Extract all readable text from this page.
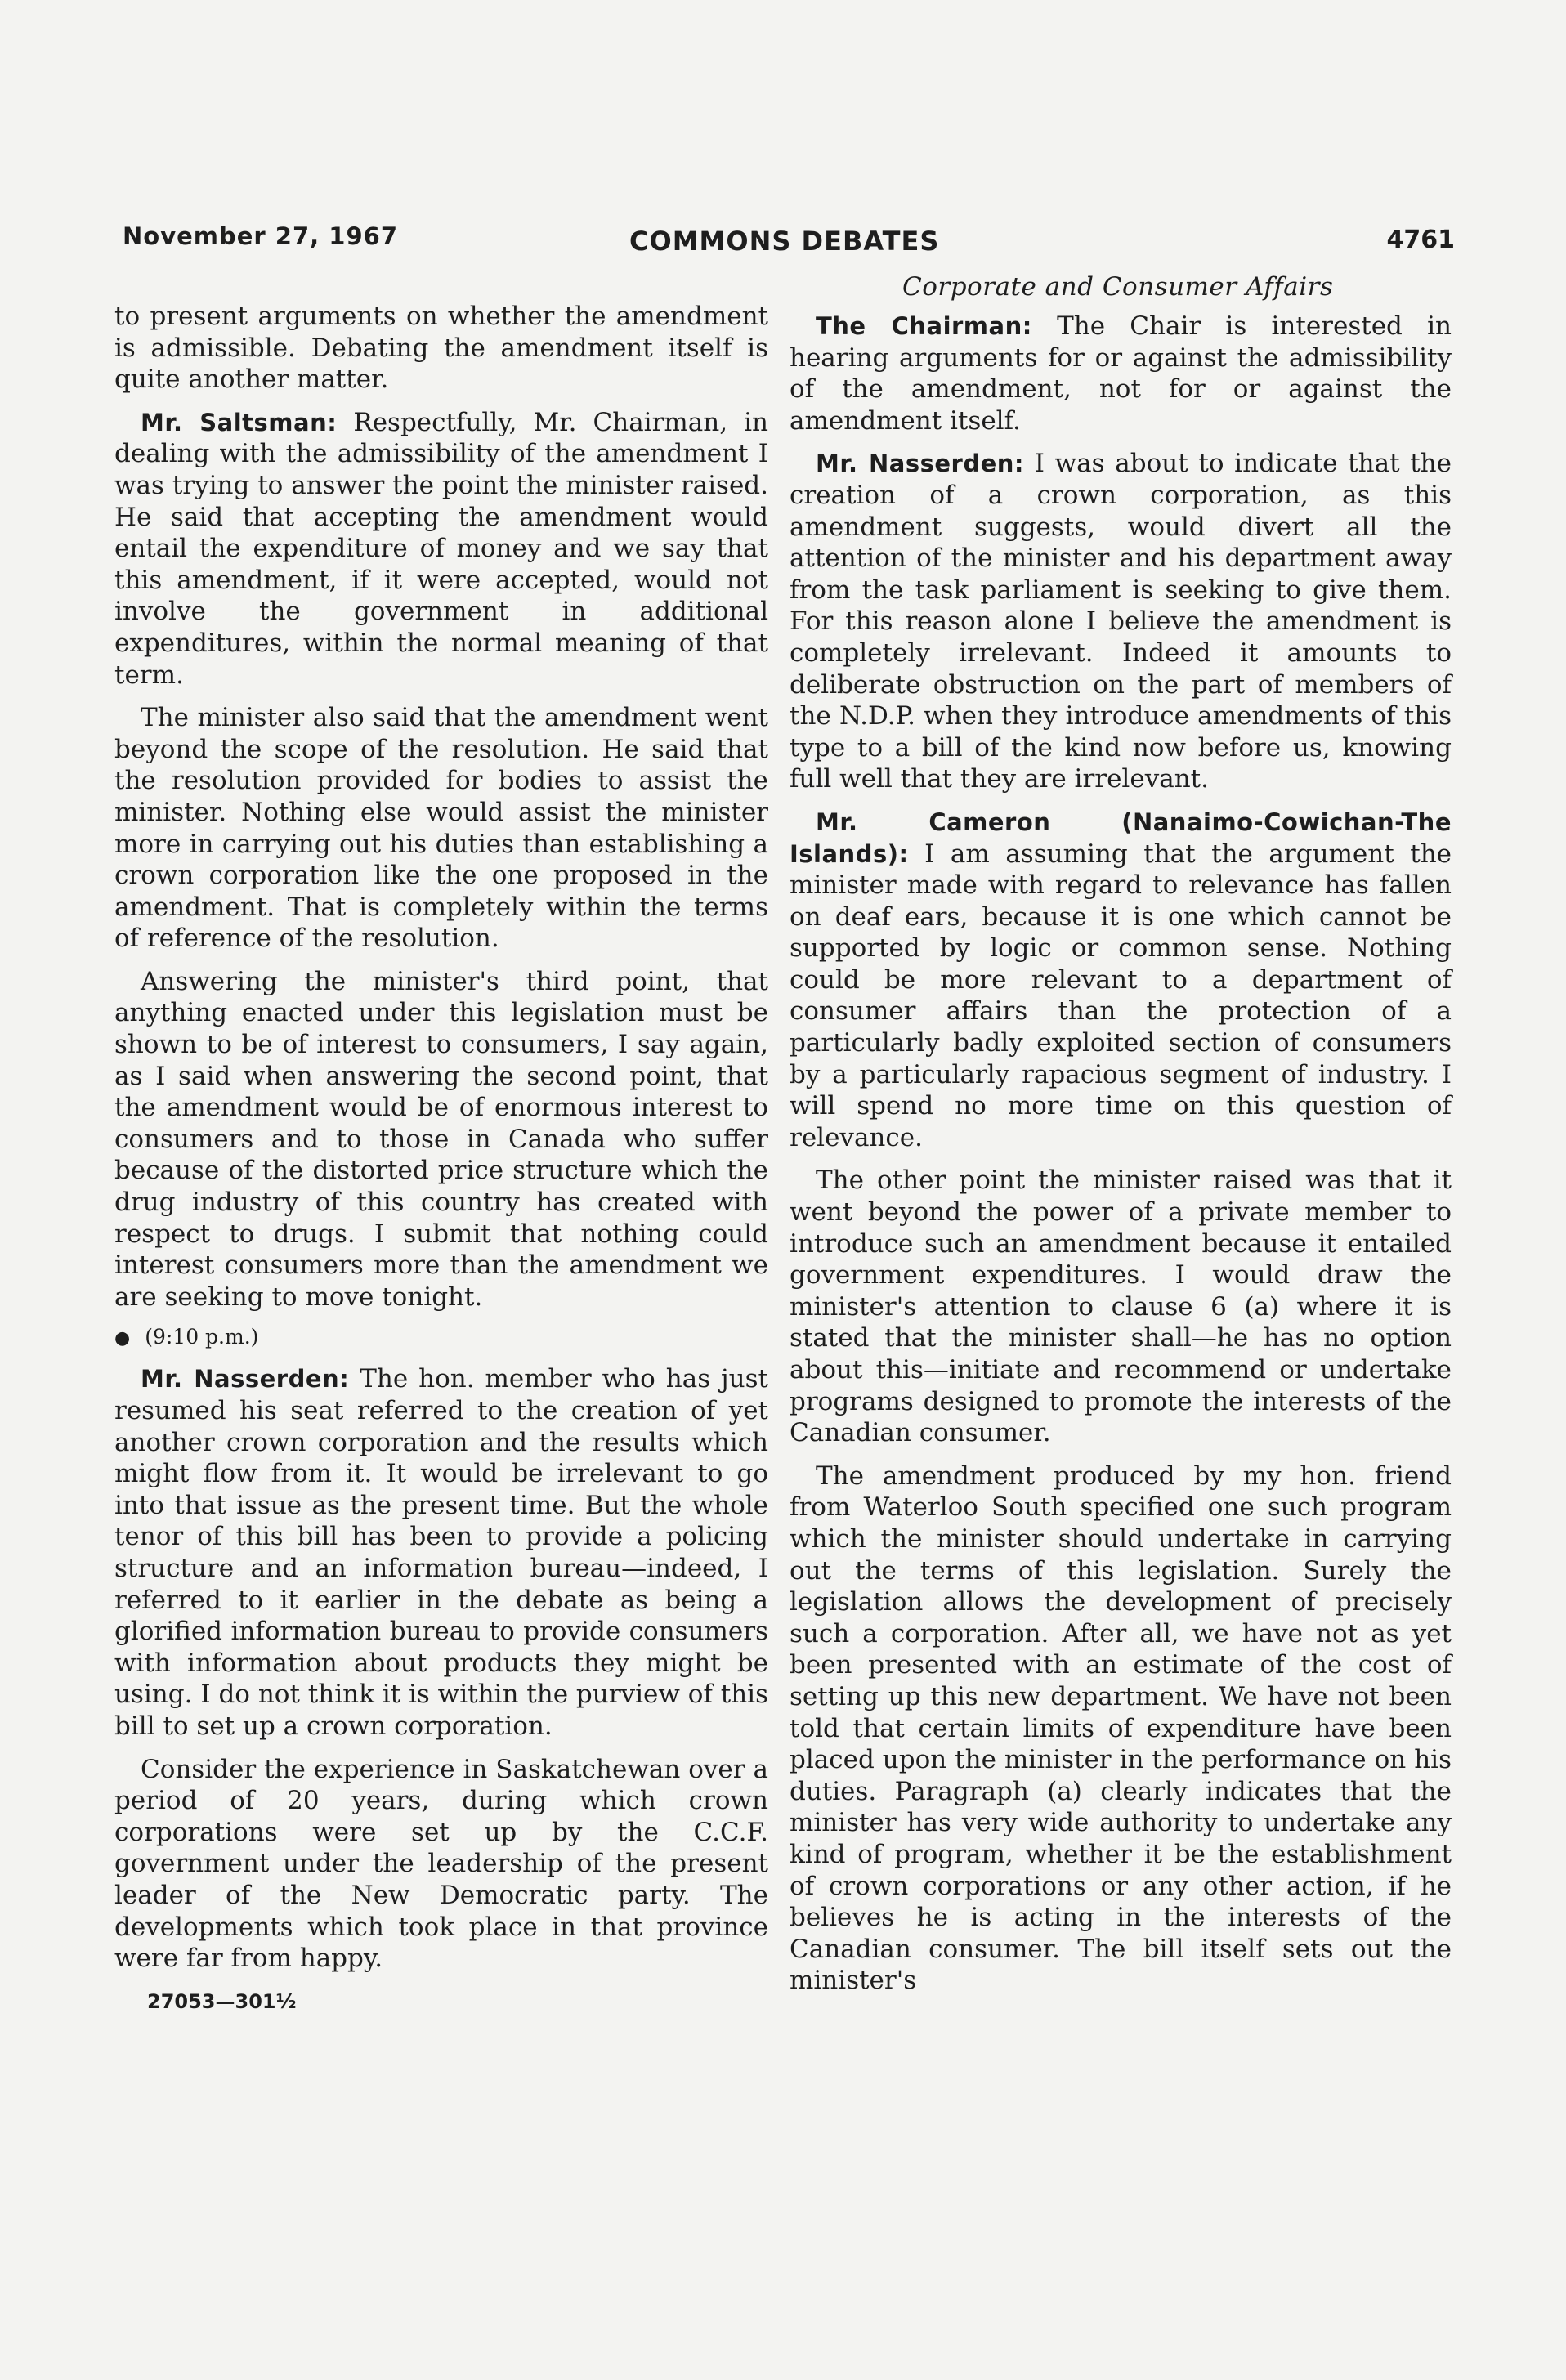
November 27, 1967	COMMONS DEBATES	4761
Corporate and Consumer Affairs

to present arguments on whether the amendment is admissible. Debating the amendment itself is quite another matter.

Mr. Saltsman: Respectfully, Mr. Chairman, in dealing with the admissibility of the amendment I was trying to answer the point the minister raised. He said that accepting the amendment would entail the expenditure of money and we say that this amendment, if it were accepted, would not involve the government in additional expenditures, within the normal meaning of that term.

The minister also said that the amendment went beyond the scope of the resolution. He said that the resolution provided for bodies to assist the minister. Nothing else would assist the minister more in carrying out his duties than establishing a crown corporation like the one proposed in the amendment. That is completely within the terms of reference of the resolution.

Answering the minister's third point, that anything enacted under this legislation must be shown to be of interest to consumers, I say again, as I said when answering the second point, that the amendment would be of enormous interest to consumers and to those in Canada who suffer because of the distorted price structure which the drug industry of this country has created with respect to drugs. I submit that nothing could interest consumers more than the amendment we are seeking to move tonight.

● (9:10 p.m.)

Mr. Nasserden: The hon. member who has just resumed his seat referred to the creation of yet another crown corporation and the results which might flow from it. It would be irrelevant to go into that issue as the present time. But the whole tenor of this bill has been to provide a policing structure and an information bureau—indeed, I referred to it earlier in the debate as being a glorified information bureau to provide consumers with information about products they might be using. I do not think it is within the purview of this bill to set up a crown corporation.

Consider the experience in Saskatchewan over a period of 20 years, during which crown corporations were set up by the C.C.F. government under the leadership of the present leader of the New Democratic party. The developments which took place in that province were far from happy.

27053—301½

The Chairman: The Chair is interested in hearing arguments for or against the admissibility of the amendment, not for or against the amendment itself.

Mr. Nasserden: I was about to indicate that the creation of a crown corporation, as this amendment suggests, would divert all the attention of the minister and his department away from the task parliament is seeking to give them. For this reason alone I believe the amendment is completely irrelevant. Indeed it amounts to deliberate obstruction on the part of members of the N.D.P. when they introduce amendments of this type to a bill of the kind now before us, knowing full well that they are irrelevant.

Mr. Cameron (Nanaimo-Cowichan-The Islands): I am assuming that the argument the minister made with regard to relevance has fallen on deaf ears, because it is one which cannot be supported by logic or common sense. Nothing could be more relevant to a department of consumer affairs than the protection of a particularly badly exploited section of consumers by a particularly rapacious segment of industry. I will spend no more time on this question of relevance.

The other point the minister raised was that it went beyond the power of a private member to introduce such an amendment because it entailed government expenditures. I would draw the minister's attention to clause 6 (a) where it is stated that the minister shall—he has no option about this—initiate and recommend or undertake programs designed to promote the interests of the Canadian consumer.

The amendment produced by my hon. friend from Waterloo South specified one such program which the minister should undertake in carrying out the terms of this legislation. Surely the legislation allows the development of precisely such a corporation. After all, we have not as yet been presented with an estimate of the cost of setting up this new department. We have not been told that certain limits of expenditure have been placed upon the minister in the performance on his duties. Paragraph (a) clearly indicates that the minister has very wide authority to undertake any kind of program, whether it be the establishment of crown corporations or any other action, if he believes he is acting in the interests of the Canadian consumer. The bill itself sets out the minister's
